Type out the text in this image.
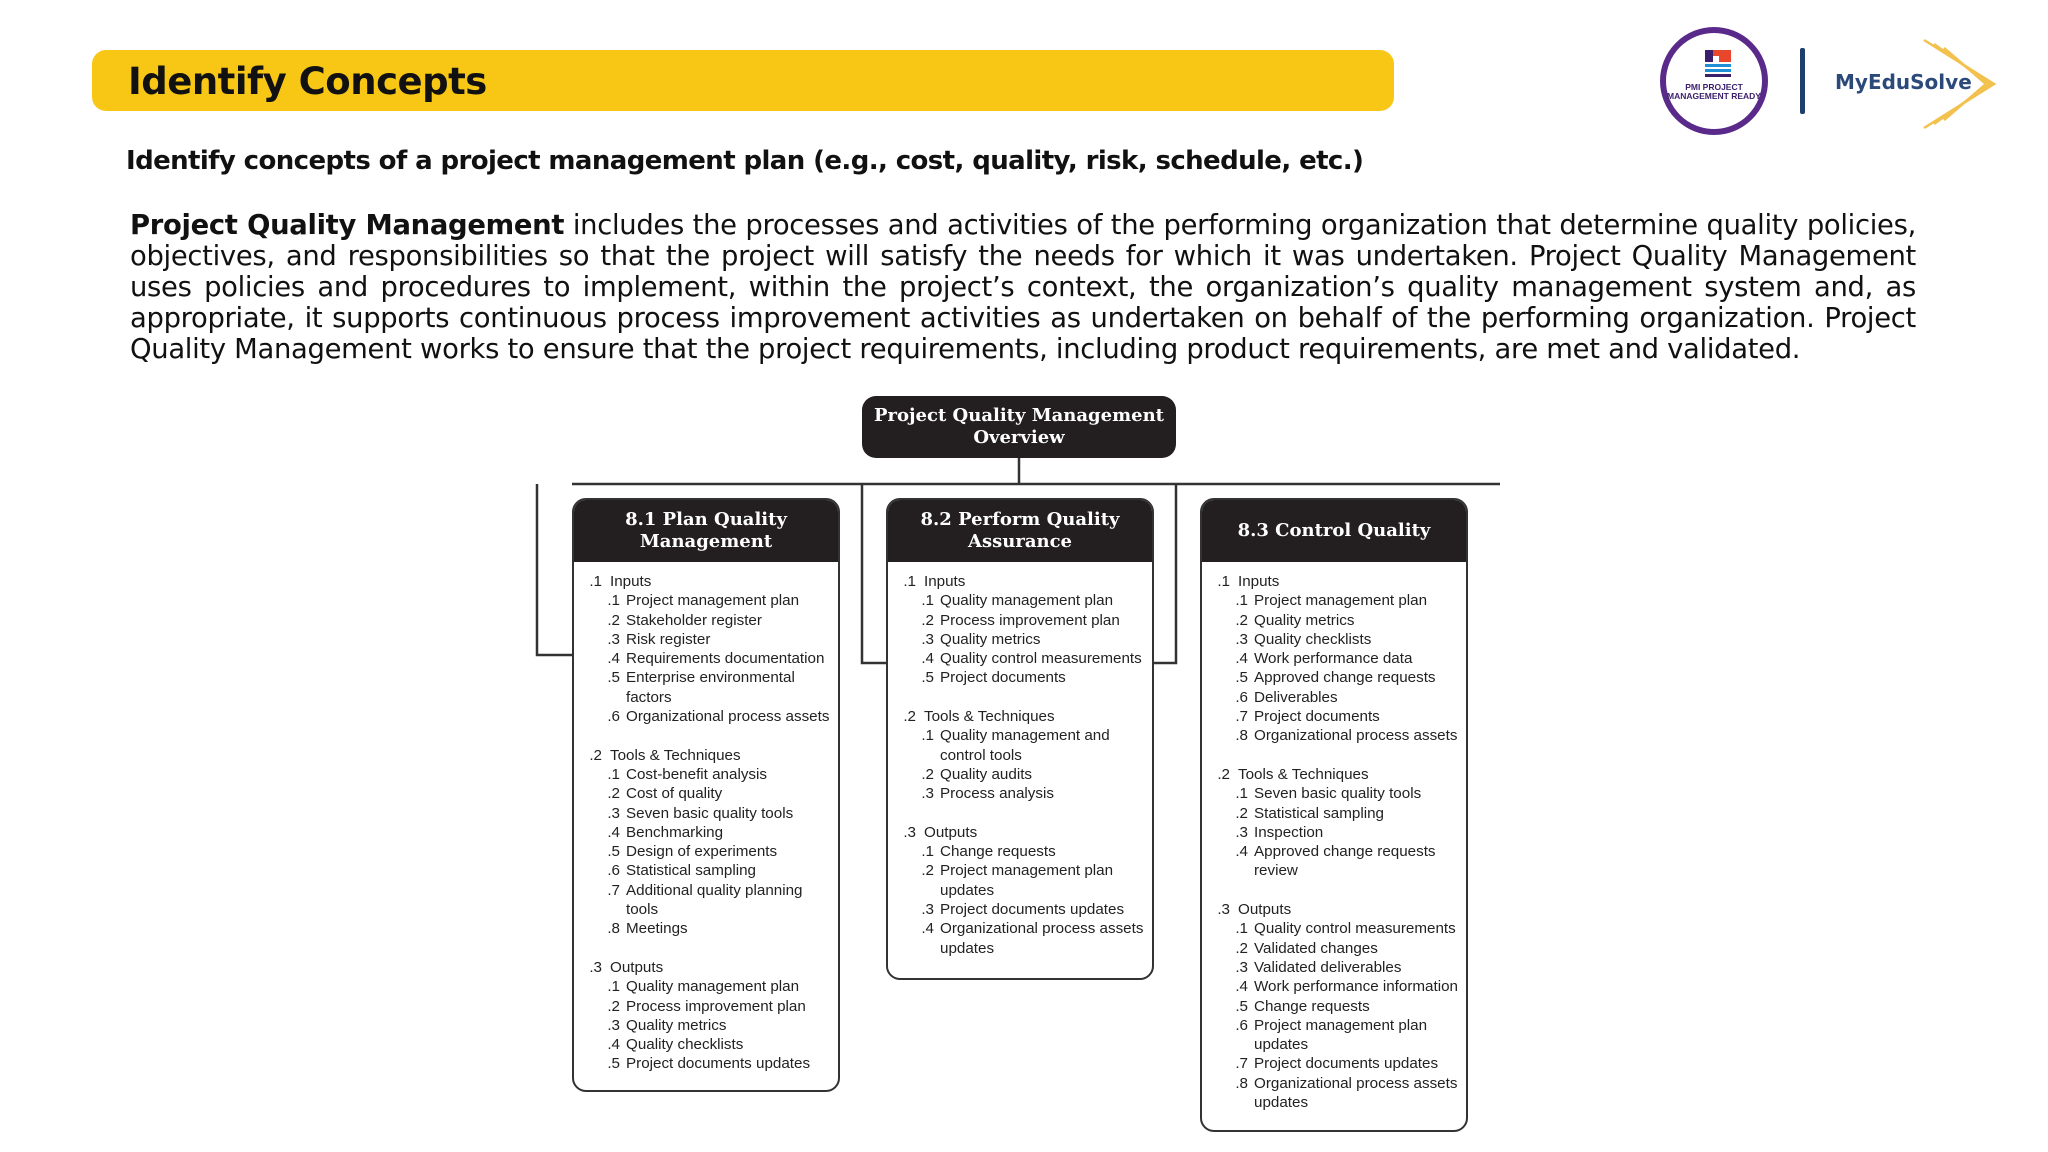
Identify Concepts	PMI PROJECT MANAGEMENT READY
MyEduSolve
Identify concepts of a project management plan (e.g., cost, quality, risk, schedule, etc.)
Project Quality Management includes the processes and activities of the performing organization that determine quality policies, objectives, and responsibilities so that the project will satisfy the needs for which it was undertaken. Project Quality Management uses policies and procedures to implement, within the project’s context, the organization’s quality management system and, as appropriate, it supports continuous process improvement activities as undertaken on behalf of the performing organization. Project Quality Management works to ensure that the project requirements, including product requirements, are met and validated.
Project Quality Management Overview
8.1 Plan Quality Management
.1 Inputs
.1 Project management plan
.2 Stakeholder register
.3 Risk register
.4 Requirements documentation
.5 Enterprise environmental factors
.6 Organizational process assets
.2 Tools & Techniques
.1 Cost-benefit analysis
.2 Cost of quality
.3 Seven basic quality tools
.4 Benchmarking
.5 Design of experiments
.6 Statistical sampling
.7 Additional quality planning tools
.8 Meetings
.3 Outputs
.1 Quality management plan
.2 Process improvement plan
.3 Quality metrics
.4 Quality checklists
.5 Project documents updates
8.2 Perform Quality Assurance
.1 Inputs
.1 Quality management plan
.2 Process improvement plan
.3 Quality metrics
.4 Quality control measurements
.5 Project documents
.2 Tools & Techniques
.1 Quality management and control tools
.2 Quality audits
.3 Process analysis
.3 Outputs
.1 Change requests
.2 Project management plan updates
.3 Project documents updates
.4 Organizational process assets updates
8.3 Control Quality
.1 Inputs
.1 Project management plan
.2 Quality metrics
.3 Quality checklists
.4 Work performance data
.5 Approved change requests
.6 Deliverables
.7 Project documents
.8 Organizational process assets
.2 Tools & Techniques
.1 Seven basic quality tools
.2 Statistical sampling
.3 Inspection
.4 Approved change requests review
.3 Outputs
.1 Quality control measurements
.2 Validated changes
.3 Validated deliverables
.4 Work performance information
.5 Change requests
.6 Project management plan updates
.7 Project documents updates
.8 Organizational process assets updates
